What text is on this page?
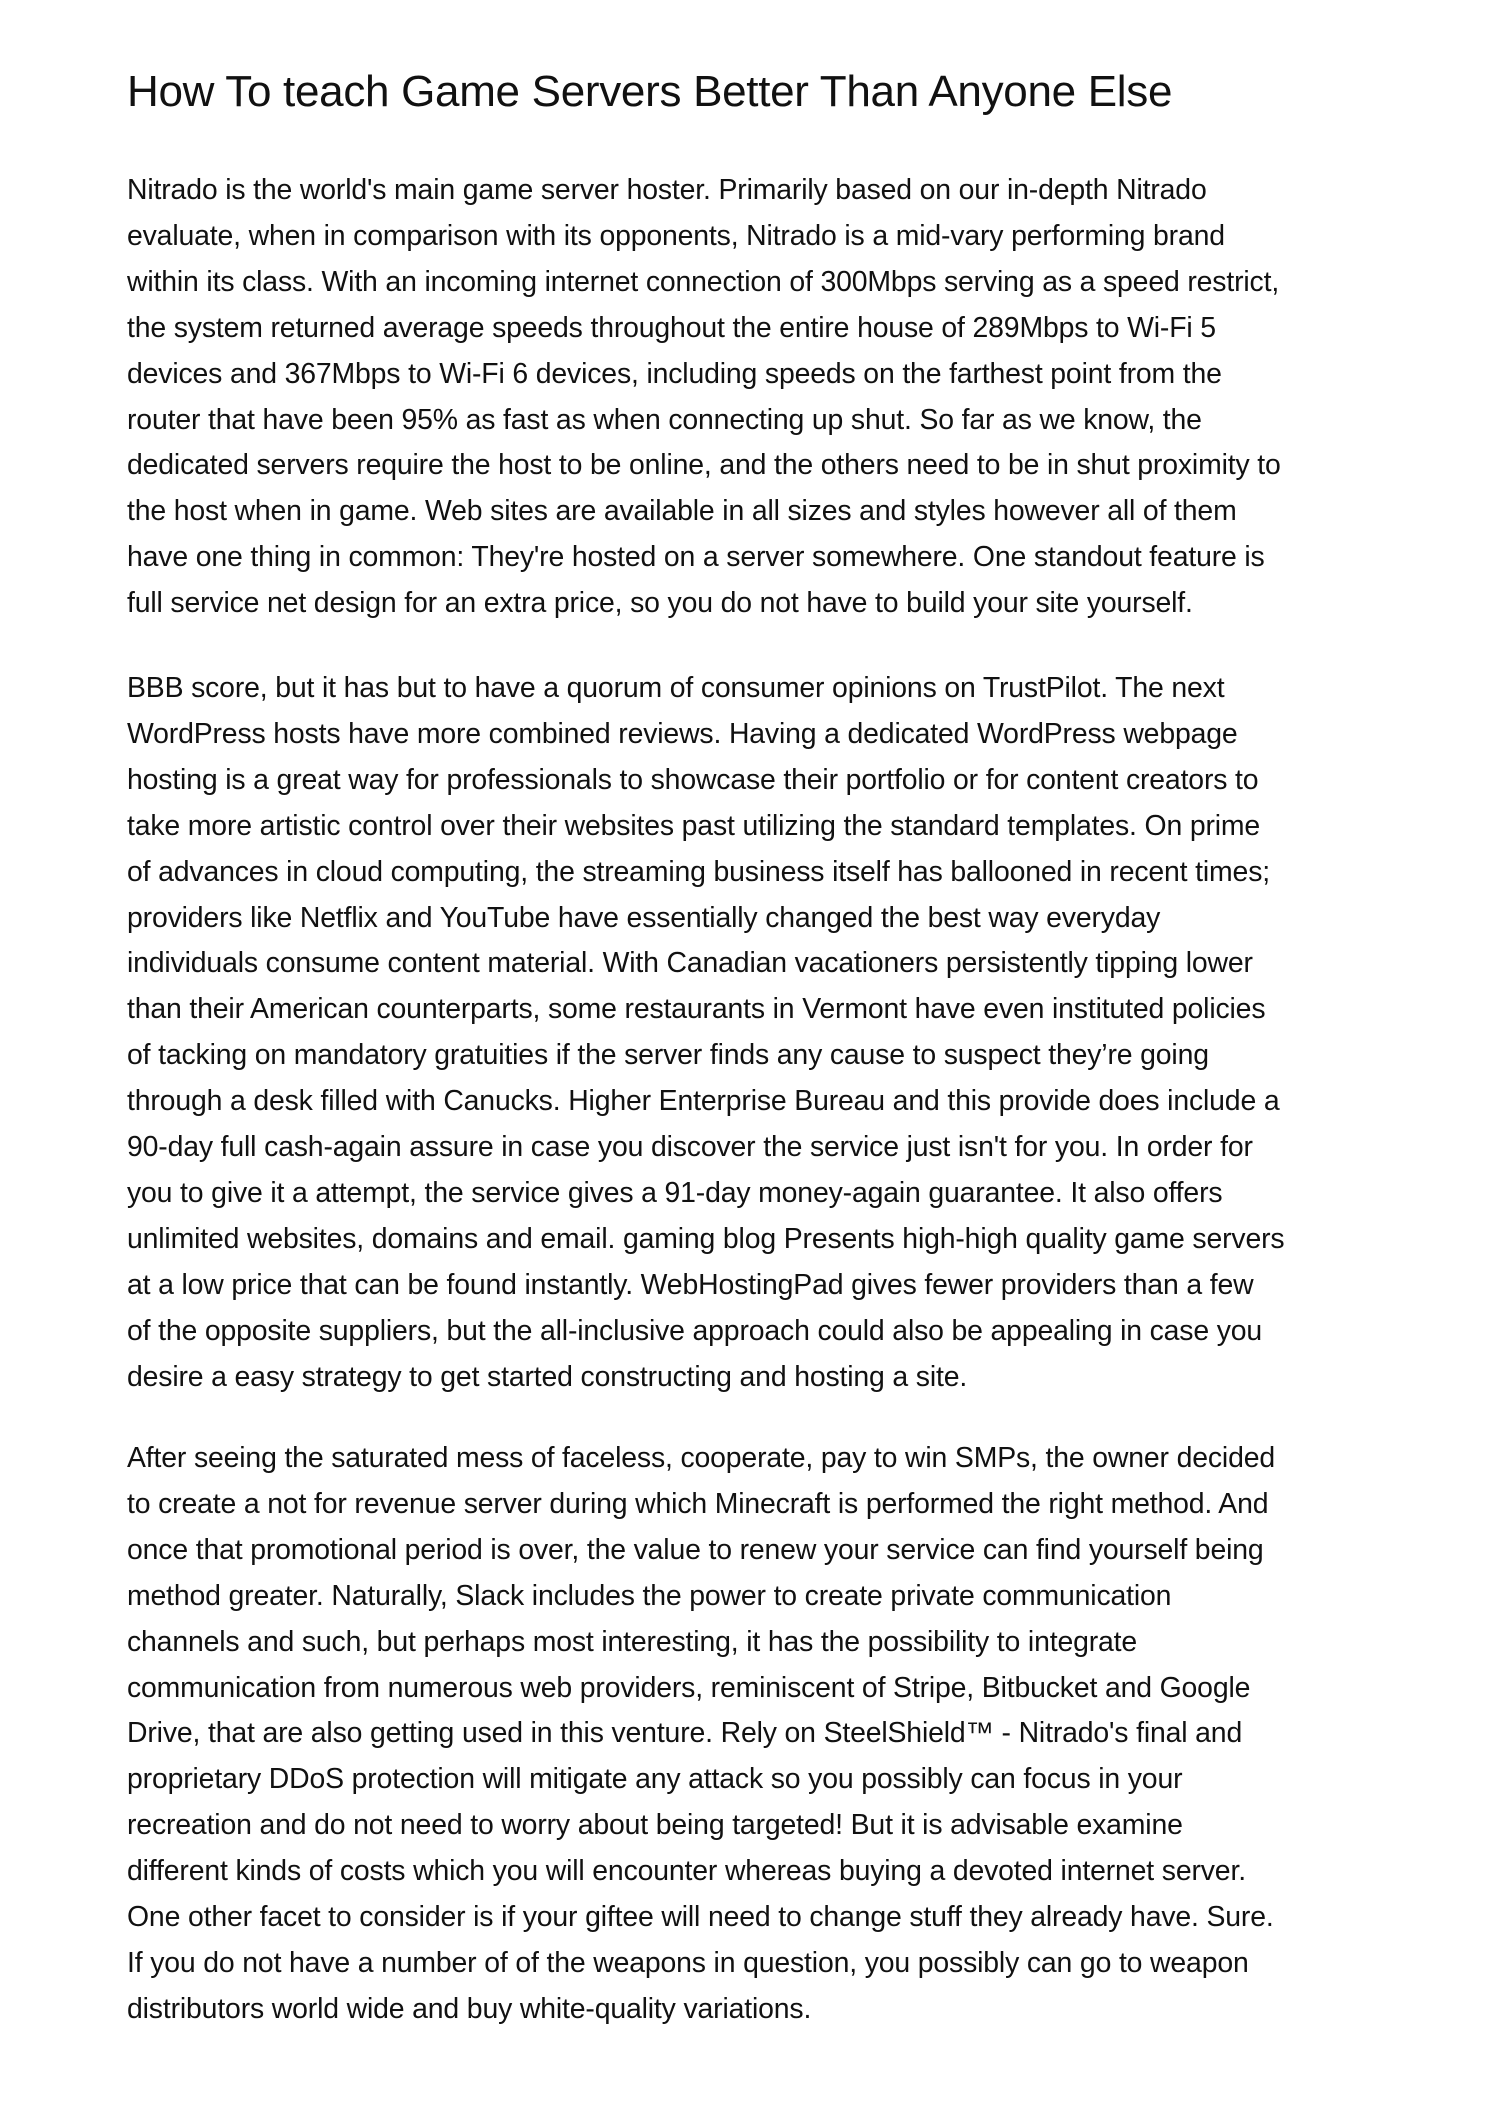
How To teach Game Servers Better Than Anyone Else

Nitrado is the world's main game server hoster. Primarily based on our in-depth Nitrado
evaluate, when in comparison with its opponents, Nitrado is a mid-vary performing brand
within its class. With an incoming internet connection of 300Mbps serving as a speed restrict,
the system returned average speeds throughout the entire house of 289Mbps to Wi-Fi 5
devices and 367Mbps to Wi-Fi 6 devices, including speeds on the farthest point from the
router that have been 95% as fast as when connecting up shut. So far as we know, the
dedicated servers require the host to be online, and the others need to be in shut proximity to
the host when in game. Web sites are available in all sizes and styles however all of them
have one thing in common: They're hosted on a server somewhere. One standout feature is
full service net design for an extra price, so you do not have to build your site yourself.

BBB score, but it has but to have a quorum of consumer opinions on TrustPilot. The next
WordPress hosts have more combined reviews. Having a dedicated WordPress webpage
hosting is a great way for professionals to showcase their portfolio or for content creators to
take more artistic control over their websites past utilizing the standard templates. On prime
of advances in cloud computing, the streaming business itself has ballooned in recent times;
providers like Netflix and YouTube have essentially changed the best way everyday
individuals consume content material. With Canadian vacationers persistently tipping lower
than their American counterparts, some restaurants in Vermont have even instituted policies
of tacking on mandatory gratuities if the server finds any cause to suspect they’re going
through a desk filled with Canucks. Higher Enterprise Bureau and this provide does include a
90-day full cash-again assure in case you discover the service just isn't for you. In order for
you to give it a attempt, the service gives a 91-day money-again guarantee. It also offers
unlimited websites, domains and email. gaming blog Presents high-high quality game servers
at a low price that can be found instantly. WebHostingPad gives fewer providers than a few
of the opposite suppliers, but the all-inclusive approach could also be appealing in case you
desire a easy strategy to get started constructing and hosting a site.

After seeing the saturated mess of faceless, cooperate, pay to win SMPs, the owner decided
to create a not for revenue server during which Minecraft is performed the right method. And
once that promotional period is over, the value to renew your service can find yourself being
method greater. Naturally, Slack includes the power to create private communication
channels and such, but perhaps most interesting, it has the possibility to integrate
communication from numerous web providers, reminiscent of Stripe, Bitbucket and Google
Drive, that are also getting used in this venture. Rely on SteelShield™ - Nitrado's final and
proprietary DDoS protection will mitigate any attack so you possibly can focus in your
recreation and do not need to worry about being targeted! But it is advisable examine
different kinds of costs which you will encounter whereas buying a devoted internet server.
One other facet to consider is if your giftee will need to change stuff they already have. Sure.
If you do not have a number of of the weapons in question, you possibly can go to weapon
distributors world wide and buy white-quality variations.
